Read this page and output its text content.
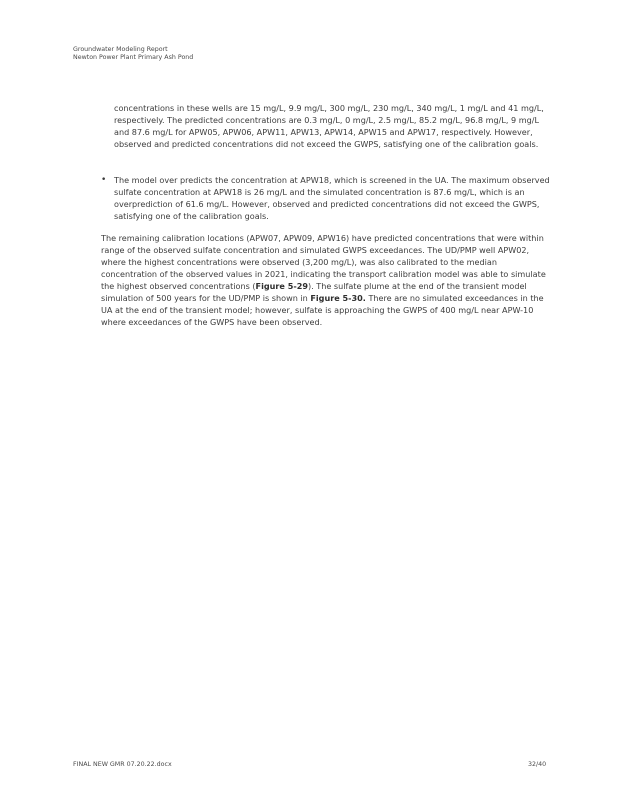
Groundwater Modeling Report
Newton Power Plant Primary Ash Pond
concentrations in these wells are 15 mg/L, 9.9 mg/L, 300 mg/L, 230 mg/L, 340 mg/L, 1 mg/L and 41 mg/L, respectively. The predicted concentrations are 0.3 mg/L, 0 mg/L, 2.5 mg/L, 85.2 mg/L, 96.8 mg/L, 9 mg/L and 87.6 mg/L for APW05, APW06, APW11, APW13, APW14, APW15 and APW17, respectively. However, observed and predicted concentrations did not exceed the GWPS, satisfying one of the calibration goals.
• The model over predicts the concentration at APW18, which is screened in the UA. The maximum observed sulfate concentration at APW18 is 26 mg/L and the simulated concentration is 87.6 mg/L, which is an overprediction of 61.6 mg/L. However, observed and predicted concentrations did not exceed the GWPS, satisfying one of the calibration goals.
The remaining calibration locations (APW07, APW09, APW16) have predicted concentrations that were within range of the observed sulfate concentration and simulated GWPS exceedances. The UD/PMP well APW02, where the highest concentrations were observed (3,200 mg/L), was also calibrated to the median concentration of the observed values in 2021, indicating the transport calibration model was able to simulate the highest observed concentrations (Figure 5-29). The sulfate plume at the end of the transient model simulation of 500 years for the UD/PMP is shown in Figure 5-30. There are no simulated exceedances in the UA at the end of the transient model; however, sulfate is approaching the GWPS of 400 mg/L near APW-10 where exceedances of the GWPS have been observed.
FINAL NEW GMR 07.20.22.docx	32/40
